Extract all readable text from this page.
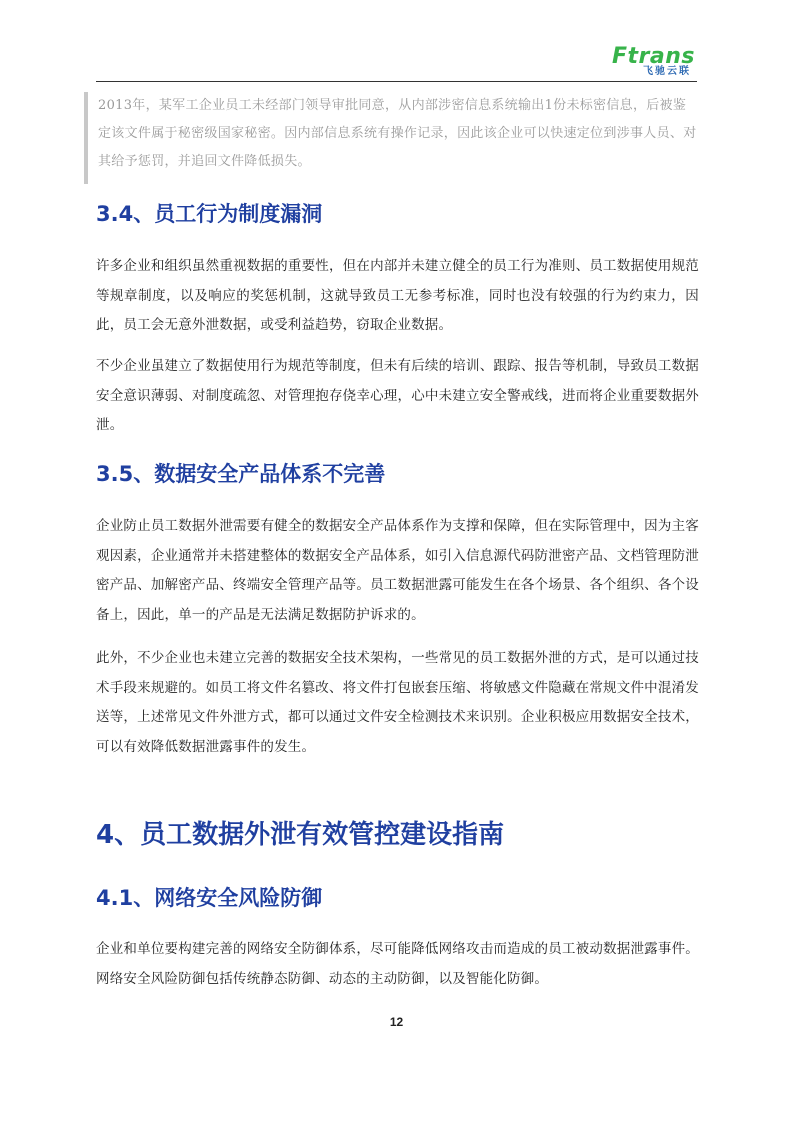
Ftrans
飞驰云联

2013年，某军工企业员工未经部门领导审批同意，从内部涉密信息系统输出1份未标密信息，后被鉴定该文件属于秘密级国家秘密。因内部信息系统有操作记录，因此该企业可以快速定位到涉事人员、对其给予惩罚，并追回文件降低损失。

3.4、员工行为制度漏洞

许多企业和组织虽然重视数据的重要性，但在内部并未建立健全的员工行为准则、员工数据使用规范等规章制度，以及响应的奖惩机制，这就导致员工无参考标准，同时也没有较强的行为约束力，因此，员工会无意外泄数据，或受利益趋势，窃取企业数据。

不少企业虽建立了数据使用行为规范等制度，但未有后续的培训、跟踪、报告等机制，导致员工数据安全意识薄弱、对制度疏忽、对管理抱存侥幸心理，心中未建立安全警戒线，进而将企业重要数据外泄。

3.5、数据安全产品体系不完善

企业防止员工数据外泄需要有健全的数据安全产品体系作为支撑和保障，但在实际管理中，因为主客观因素，企业通常并未搭建整体的数据安全产品体系，如引入信息源代码防泄密产品、文档管理防泄密产品、加解密产品、终端安全管理产品等。员工数据泄露可能发生在各个场景、各个组织、各个设备上，因此，单一的产品是无法满足数据防护诉求的。

此外，不少企业也未建立完善的数据安全技术架构，一些常见的员工数据外泄的方式，是可以通过技术手段来规避的。如员工将文件名篡改、将文件打包嵌套压缩、将敏感文件隐藏在常规文件中混淆发送等，上述常见文件外泄方式，都可以通过文件安全检测技术来识别。企业积极应用数据安全技术，可以有效降低数据泄露事件的发生。

4、员工数据外泄有效管控建设指南
4.1、网络安全风险防御

企业和单位要构建完善的网络安全防御体系，尽可能降低网络攻击而造成的员工被动数据泄露事件。网络安全风险防御包括传统静态防御、动态的主动防御，以及智能化防御。

12
